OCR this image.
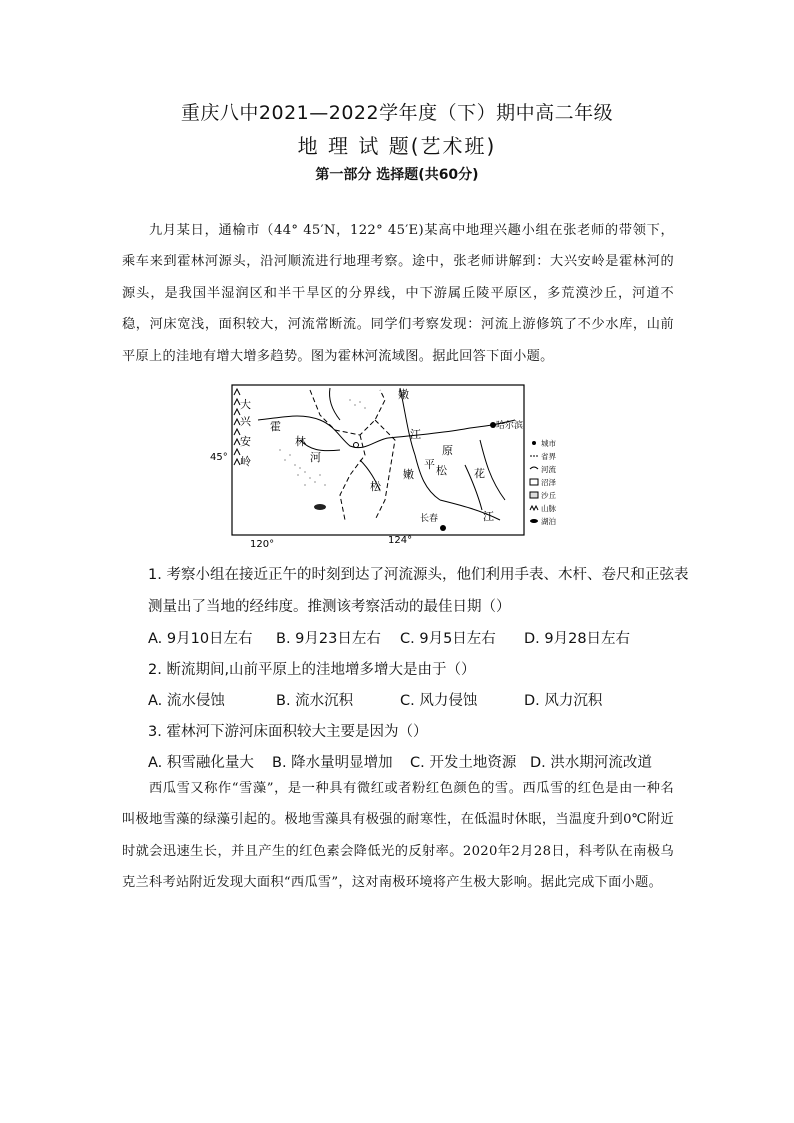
重庆八中2021—2022学年度（下）期中高二年级
地 理 试 题(艺术班)
第一部分 选择题(共60分)
九月某日，通榆市（44° 45′N，122° 45′E)某高中地理兴趣小组在张老师的带领下，乘车来到霍林河源头，沿河顺流进行地理考察。途中，张老师讲解到：大兴安岭是霍林河的源头，是我国半湿润区和半干旱区的分界线，中下游属丘陵平原区，多荒漠沙丘，河道不稳，河床宽浅，面积较大，河流常断流。同学们考察发现：河流上游修筑了不少水库，山前平原上的洼地有增大增多趋势。图为霍林河流域图。据此回答下面小题。
大
兴
安
岭
霍
林
河
松
嫩
嫩
江
原
平 松 花
江
哈尔滨
长春
45°
120°	124°
城市
省界
河流
沼泽
沙丘
山脉
湖泊
1. 考察小组在接近正午的时刻到达了河流源头，他们利用手表、木杆、卷尺和正弦表
测量出了当地的经纬度。推测该考察活动的最佳日期（）
A. 9月10日左右 B. 9月23日左右 C. 9月5日左右 D. 9月28日左右
2. 断流期间,山前平原上的洼地增多增大是由于（）
A. 流水侵蚀	B. 流水沉积	C. 风力侵蚀	D. 风力沉积
3. 霍林河下游河床面积较大主要是因为（）
A. 积雪融化量大 B. 降水量明显增加 C. 开发土地资源 D. 洪水期河流改道
西瓜雪又称作“雪藻”，是一种具有微红或者粉红色颜色的雪。西瓜雪的红色是由一种名叫极地雪藻的绿藻引起的。极地雪藻具有极强的耐寒性，在低温时休眠，当温度升到0℃附近时就会迅速生长，并且产生的红色素会降低光的反射率。2020年2月28日，科考队在南极乌克兰科考站附近发现大面积“西瓜雪”，这对南极环境将产生极大影响。据此完成下面小题。
